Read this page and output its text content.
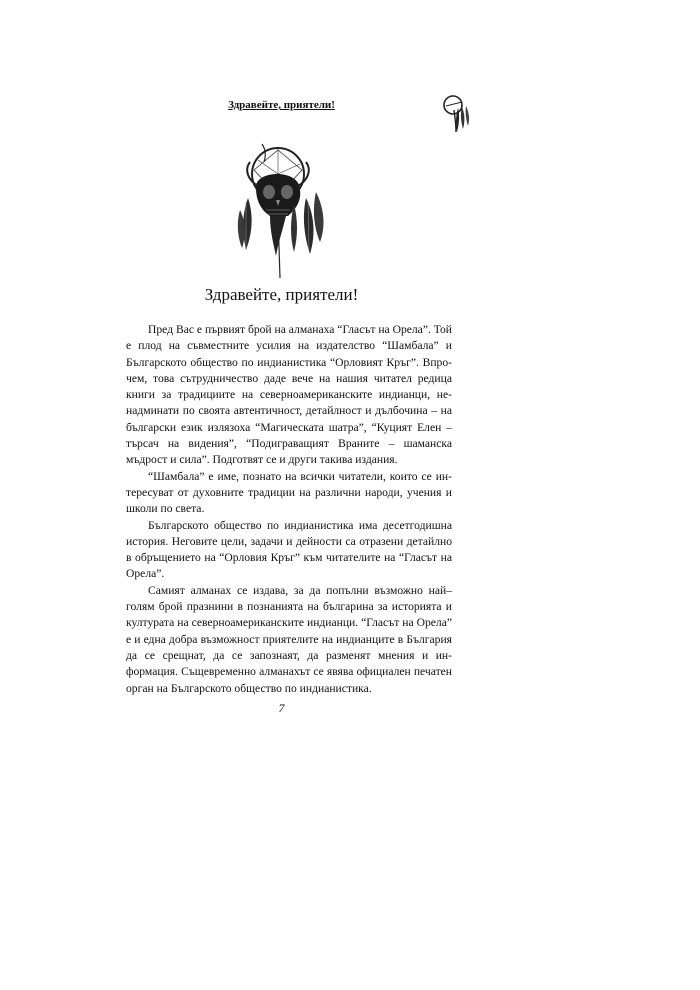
Здравейте, приятели!
Здравейте, приятели!

Пред Вас е първият брой на алманаха “Гласът на Орела”. Той е плод на съвместните усилия на издателство “Шамбала” и Българското общество по индианистика “Орловият Кръг”. Впрочем, това сътрудничество даде вече на нашия читател редица книги за традициите на северноамериканските индианци, ненадминати по своята автентичност, детайлност и дълбочина – на български език излязоха “Магическата шатра”, “Куцият Елен – търсач на видения”, “Подиграващият Враните – шаманска мъдрост и сила”. Подготвят се и други такива издания.

“Шамбала” е име, познато на всички читатели, които се интересуват от духовните традиции на различни народи, учения и школи по света.

Българското общество по индианистика има десетгодишна история. Неговите цели, задачи и дейности са отразени детайлно в обръщението на “Орловия Кръг” към читателите на “Гласът на Орела”.

Самият алманах се издава, за да попълни възможно най–голям брой празнини в познанията на българина за историята и културата на северноамериканските индианци. “Гласът на Орела” е и една добра възможност приятелите на индианците в България да се срещнат, да се запознаят, да разменят мнения и информация. Същевременно алманахът се явява официален печатен орган на Българското общество по индианистика.

7
